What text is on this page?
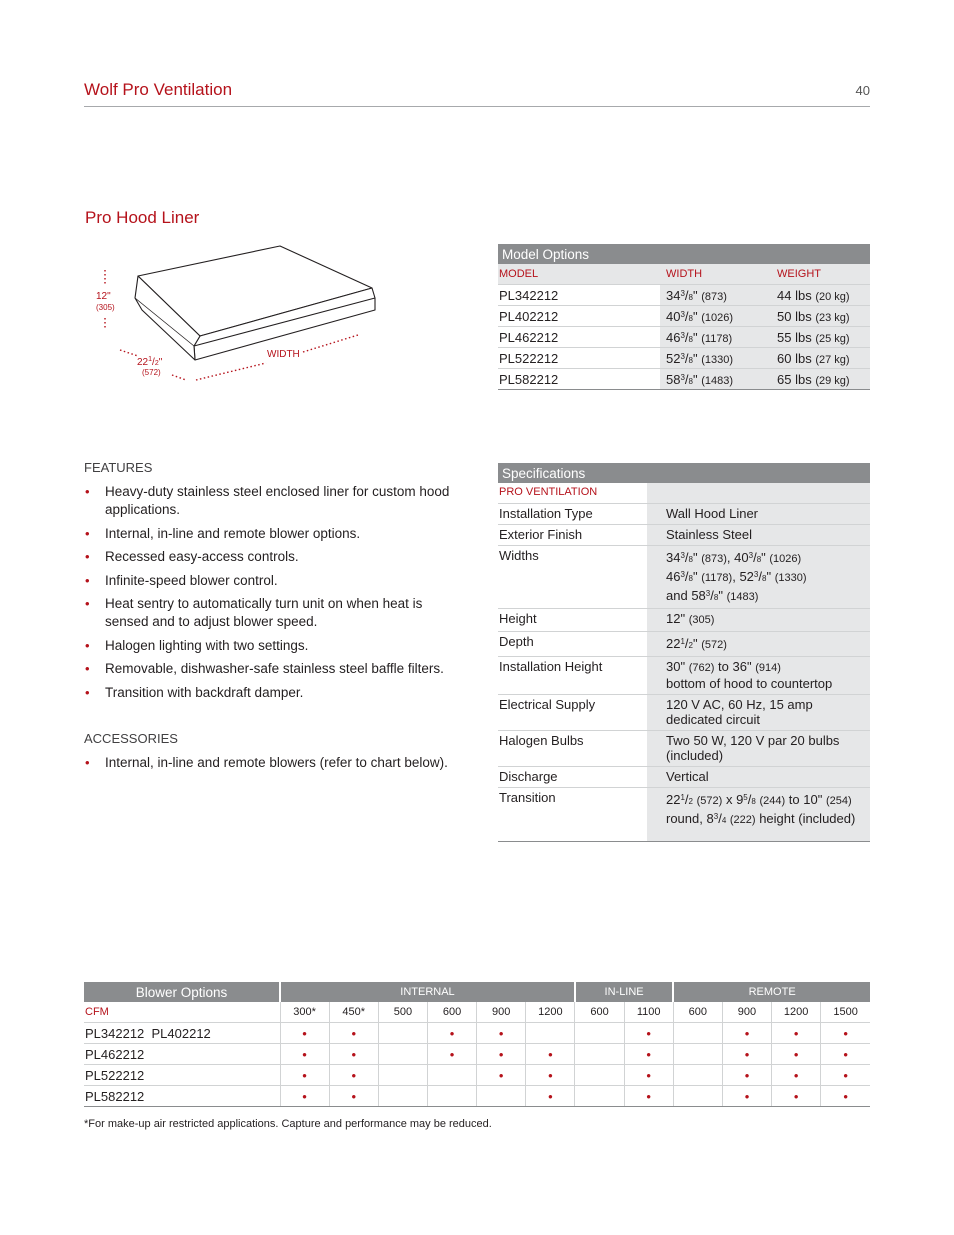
Wolf Pro Ventilation	40
Pro Hood Liner
12"
(305)
$22^1/2$"
(572)
WIDTH
Model Options		
MODEL	WIDTH	WEIGHT
PL342212	$34^3/8$" (873)	44 lbs (20 kg)
PL402212	$40^3/8$" (1026)	50 lbs (23 kg)
PL462212	$46^3/8$" (1178)	55 lbs (25 kg)
PL522212	$52^3/8$" (1330)	60 lbs (27 kg)
PL582212	$58^3/8$" (1483)	65 lbs (29 kg)
FEATURES
• Heavy-duty stainless steel enclosed liner for custom hood applications.
• Internal, in-line and remote blower options.
• Recessed easy-access controls.
• Infinite-speed blower control.
• Heat sentry to automatically turn unit on when heat is sensed and to adjust blower speed.
• Halogen lighting with two settings.
• Removable, dishwasher-safe stainless steel baffle filters.
• Transition with backdraft damper.
ACCESSORIES
• Internal, in-line and remote blowers (refer to chart below).
Specifications	
PRO VENTILATION	
Installation Type	Wall Hood Liner
Exterior Finish	Stainless Steel
Widths	$34^3/8$" (873), $40^3/8$" (1026)
$46^3/8$" (1178), $52^3/8$" (1330)
and $58^3/8$" (1483)
Height	12" (305)
Depth	$22^1/2$" (572)
Installation Height	30" (762) to 36" (914)
bottom of hood to countertop
Electrical Supply	120 V AC, 60 Hz, 15 amp
dedicated circuit
Halogen Bulbs	Two 50 W, 120 V par 20 bulbs
(included)
Discharge	Vertical
Transition	$22^1/2$ (572) x $9^5/8$ (244) to 10" (254)
round, $8^3/4$ (222) height (included)
Blower Options	INTERNAL						IN-LINE		REMOTE			
CFM	300*	450*	500	600	900	1200	600	1100	600	900	1200	1500
PL342212  PL402212	•	•		•	•			•		•	•	•
PL462212	•	•		•	•	•		•		•	•	•
PL522212	•	•			•	•		•		•	•	•
PL582212	•	•				•		•		•	•	•
*For make-up air restricted applications. Capture and performance may be reduced.
